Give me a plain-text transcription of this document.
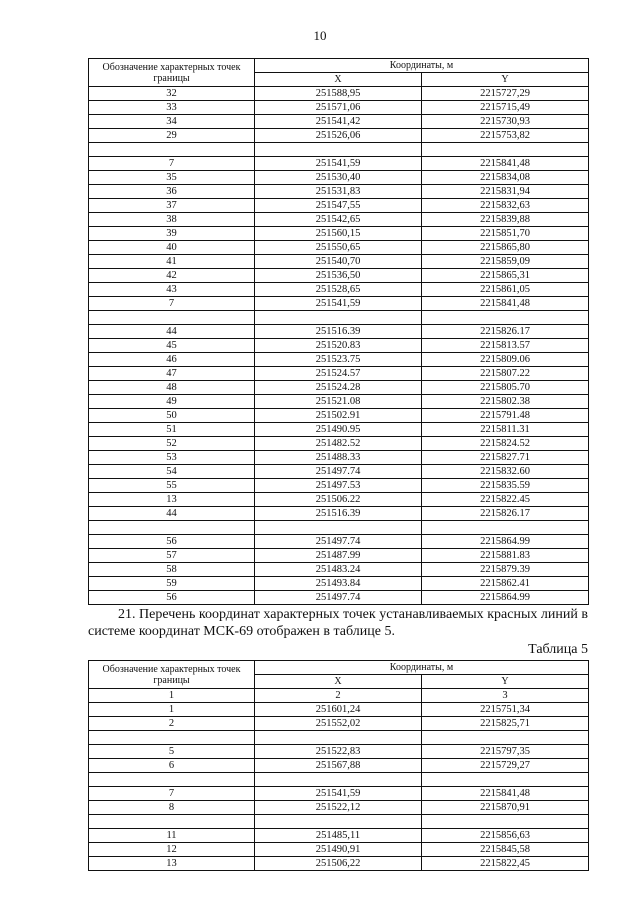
10
Обозначение характерных точек границы	Координаты, м	
	X	Y
32	251588,95	2215727,29
33	251571,06	2215715,49
34	251541,42	2215730,93
29	251526,06	2215753,82

7	251541,59	2215841,48
35	251530,40	2215834,08
36	251531,83	2215831,94
37	251547,55	2215832,63
38	251542,65	2215839,88
39	251560,15	2215851,70
40	251550,65	2215865,80
41	251540,70	2215859,09
42	251536,50	2215865,31
43	251528,65	2215861,05
7	251541,59	2215841,48

44	251516.39	2215826.17
45	251520.83	2215813.57
46	251523.75	2215809.06
47	251524.57	2215807.22
48	251524.28	2215805.70
49	251521.08	2215802.38
50	251502.91	2215791.48
51	251490.95	2215811.31
52	251482.52	2215824.52
53	251488.33	2215827.71
54	251497.74	2215832.60
55	251497.53	2215835.59
13	251506.22	2215822.45
44	251516.39	2215826.17

56	251497.74	2215864.99
57	251487.99	2215881.83
58	251483.24	2215879.39
59	251493.84	2215862.41
56	251497.74	2215864.99
21. Перечень координат характерных точек устанавливаемых красных линий в системе координат МСК-69 отображен в таблице 5.
Таблица 5
Обозначение характерных точек границы	Координаты, м	
	X	Y
1	2	3
1	251601,24	2215751,34
2	251552,02	2215825,71

5	251522,83	2215797,35
6	251567,88	2215729,27

7	251541,59	2215841,48
8	251522,12	2215870,91

11	251485,11	2215856,63
12	251490,91	2215845,58
13	251506,22	2215822,45
